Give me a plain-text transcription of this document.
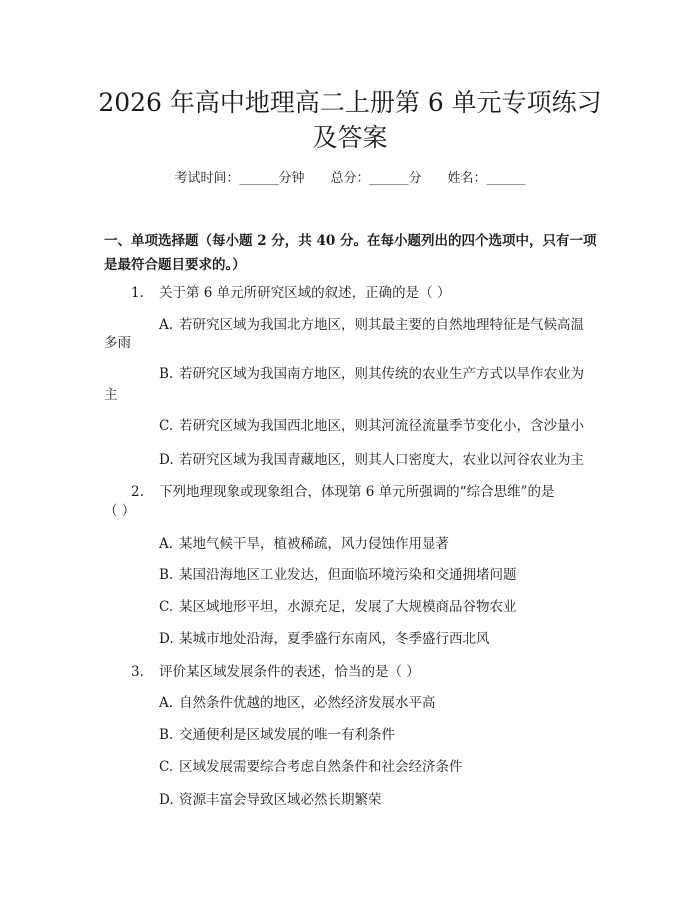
2026 年高中地理高二上册第 6 单元专项练习
及答案
考试时间：______分钟 总分：______分 姓名：______
一、单项选择题（每小题 2 分，共 40 分。在每小题列出的四个选项中，只有一项是最符合题目要求的。）
1. 关于第 6 单元所研究区域的叙述，正确的是（ ）
A. 若研究区域为我国北方地区，则其最主要的自然地理特征是气候高温
多雨
B. 若研究区域为我国南方地区，则其传统的农业生产方式以旱作农业为
主
C. 若研究区域为我国西北地区，则其河流径流量季节变化小，含沙量小
D. 若研究区域为我国青藏地区，则其人口密度大，农业以河谷农业为主
2. 下列地理现象或现象组合，体现第 6 单元所强调的“综合思维”的是
（ ）
A. 某地气候干旱，植被稀疏，风力侵蚀作用显著
B. 某国沿海地区工业发达，但面临环境污染和交通拥堵问题
C. 某区域地形平坦，水源充足，发展了大规模商品谷物农业
D. 某城市地处沿海，夏季盛行东南风，冬季盛行西北风
3. 评价某区域发展条件的表述，恰当的是（ ）
A. 自然条件优越的地区，必然经济发展水平高
B. 交通便利是区域发展的唯一有利条件
C. 区域发展需要综合考虑自然条件和社会经济条件
D. 资源丰富会导致区域必然长期繁荣
